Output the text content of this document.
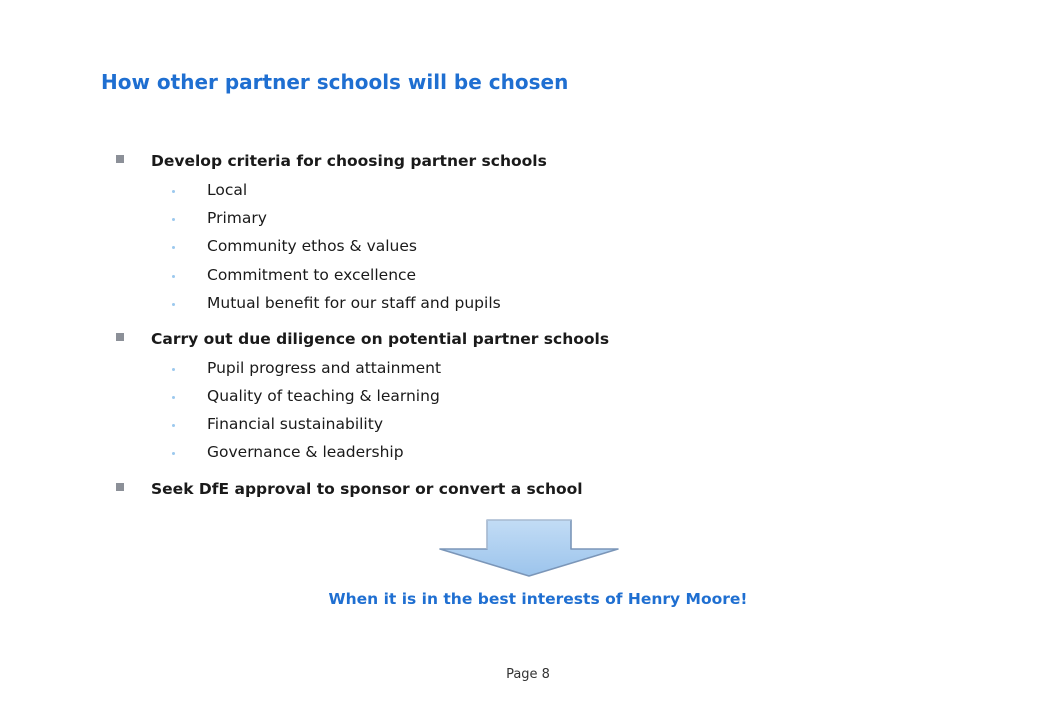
How other partner schools will be chosen
Develop criteria for choosing partner schools
Local
Primary
Community ethos & values
Commitment to excellence
Mutual benefit for our staff and pupils
Carry out due diligence on potential partner schools
Pupil progress and attainment
Quality of teaching & learning
Financial sustainability
Governance & leadership
Seek DfE approval to sponsor or convert a school
When it is in the best interests of Henry Moore!
Page 8
